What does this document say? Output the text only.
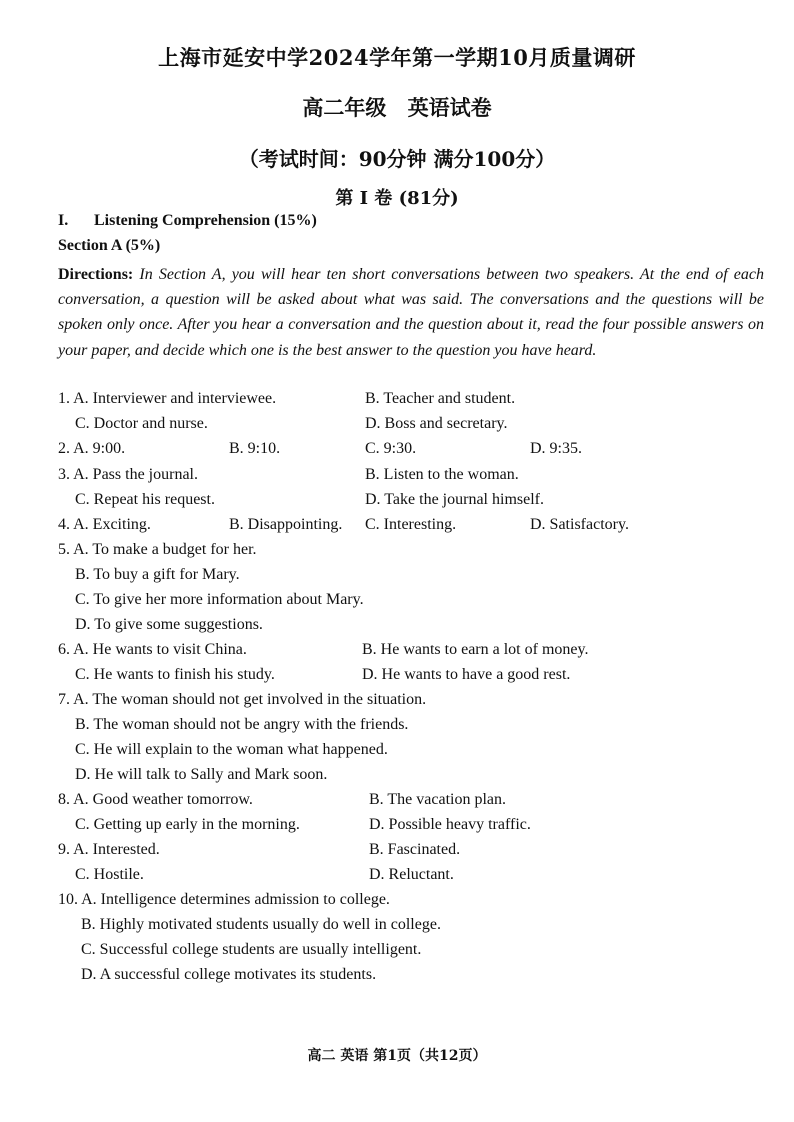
上海市延安中学2024学年第一学期10月质量调研
高二年级 英语试卷
（考试时间：90分钟 满分100分）
第 I 卷 (81分)
I. Listening Comprehension (15%)
Section A (5%)
Directions: In Section A, you will hear ten short conversations between two speakers. At the end of each conversation, a question will be asked about what was said. The conversations and the questions will be spoken only once. After you hear a conversation and the question about it, read the four possible answers on your paper, and decide which one is the best answer to the question you have heard.
1. A. Interviewer and interviewee.	B. Teacher and student.
C. Doctor and nurse.	D. Boss and secretary.
2. A. 9:00.	B. 9:10.	C. 9:30.	D. 9:35.
3. A. Pass the journal.	B. Listen to the woman.
C. Repeat his request.	D. Take the journal himself.
4. A. Exciting.	B. Disappointing. C. Interesting.	D. Satisfactory.
5. A. To make a budget for her.
B. To buy a gift for Mary.
C. To give her more information about Mary.
D. To give some suggestions.
6. A. He wants to visit China.	B. He wants to earn a lot of money.
C. He wants to finish his study.	D. He wants to have a good rest.
7. A. The woman should not get involved in the situation.
B. The woman should not be angry with the friends.
C. He will explain to the woman what happened.
D. He will talk to Sally and Mark soon.
8. A. Good weather tomorrow.	B. The vacation plan.
C. Getting up early in the morning.	D. Possible heavy traffic.
9. A. Interested.	B. Fascinated.
C. Hostile.	D. Reluctant.
10. A. Intelligence determines admission to college.
B. Highly motivated students usually do well in college.
C. Successful college students are usually intelligent.
D. A successful college motivates its students.
高二 英语 第1页（共12页）
